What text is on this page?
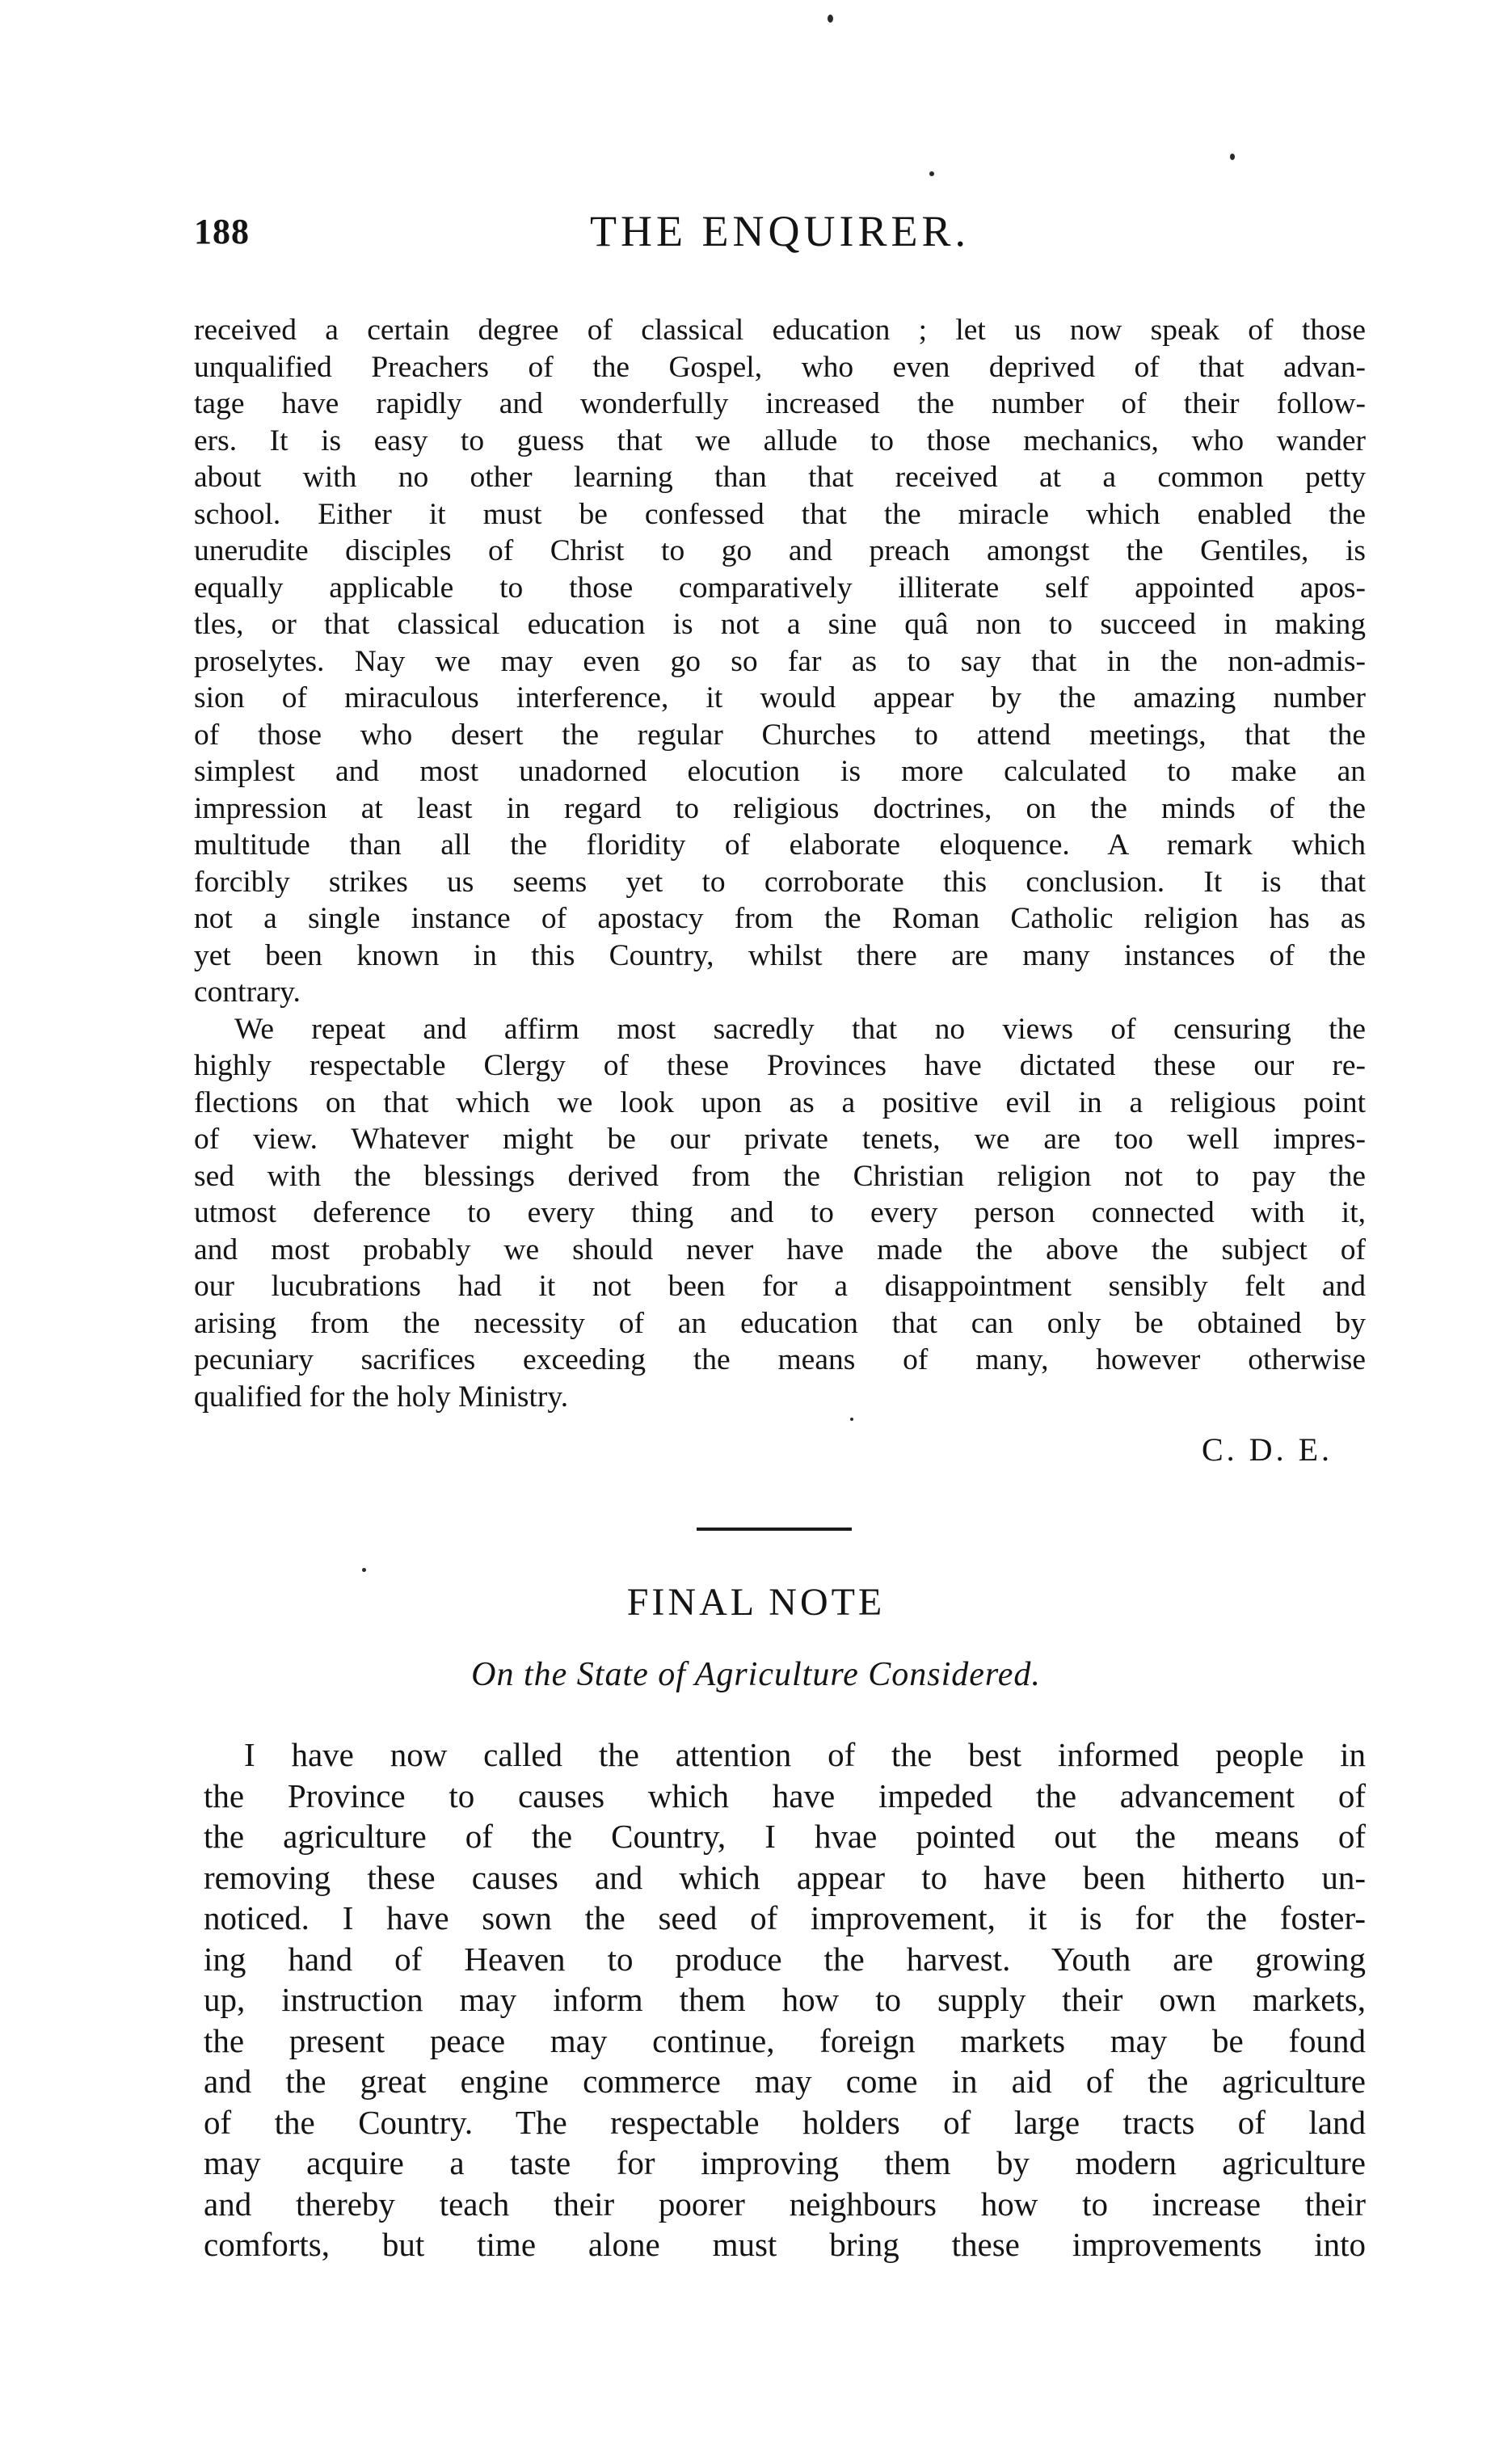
188	THE ENQUIRER.
received a certain degree of classical education ; let us now speak of those
unqualified Preachers of the Gospel, who even deprived of that advan-
tage have rapidly and wonderfully increased the number of their follow-
ers. It is easy to guess that we allude to those mechanics, who wander
about with no other learning than that received at a common petty
school. Either it must be confessed that the miracle which enabled the
unerudite disciples of Christ to go and preach amongst the Gentiles, is
equally applicable to those comparatively illiterate self appointed apos-
tles, or that classical education is not a sine quâ non to succeed in making
proselytes. Nay we may even go so far as to say that in the non-admis-
sion of miraculous interference, it would appear by the amazing number
of those who desert the regular Churches to attend meetings, that the
simplest and most unadorned elocution is more calculated to make an
impression at least in regard to religious doctrines, on the minds of the
multitude than all the floridity of elaborate eloquence. A remark which
forcibly strikes us seems yet to corroborate this conclusion. It is that
not a single instance of apostacy from the Roman Catholic religion has as
yet been known in this Country, whilst there are many instances of the
contrary.
We repeat and affirm most sacredly that no views of censuring the
highly respectable Clergy of these Provinces have dictated these our re-
flections on that which we look upon as a positive evil in a religious point
of view. Whatever might be our private tenets, we are too well impres-
sed with the blessings derived from the Christian religion not to pay the
utmost deference to every thing and to every person connected with it,
and most probably we should never have made the above the subject of
our lucubrations had it not been for a disappointment sensibly felt and
arising from the necessity of an education that can only be obtained by
pecuniary sacrifices exceeding the means of many, however otherwise
qualified for the holy Ministry.
C. D. E.
FINAL NOTE
On the State of Agriculture Considered.
I have now called the attention of the best informed people in
the Province to causes which have impeded the advancement of
the agriculture of the Country, I hvae pointed out the means of
removing these causes and which appear to have been hitherto un-
noticed. I have sown the seed of improvement, it is for the foster-
ing hand of Heaven to produce the harvest. Youth are growing
up, instruction may inform them how to supply their own markets,
the present peace may continue, foreign markets may be found
and the great engine commerce may come in aid of the agriculture
of the Country. The respectable holders of large tracts of land
may acquire a taste for improving them by modern agriculture
and thereby teach their poorer neighbours how to increase their
comforts, but time alone must bring these improvements into
